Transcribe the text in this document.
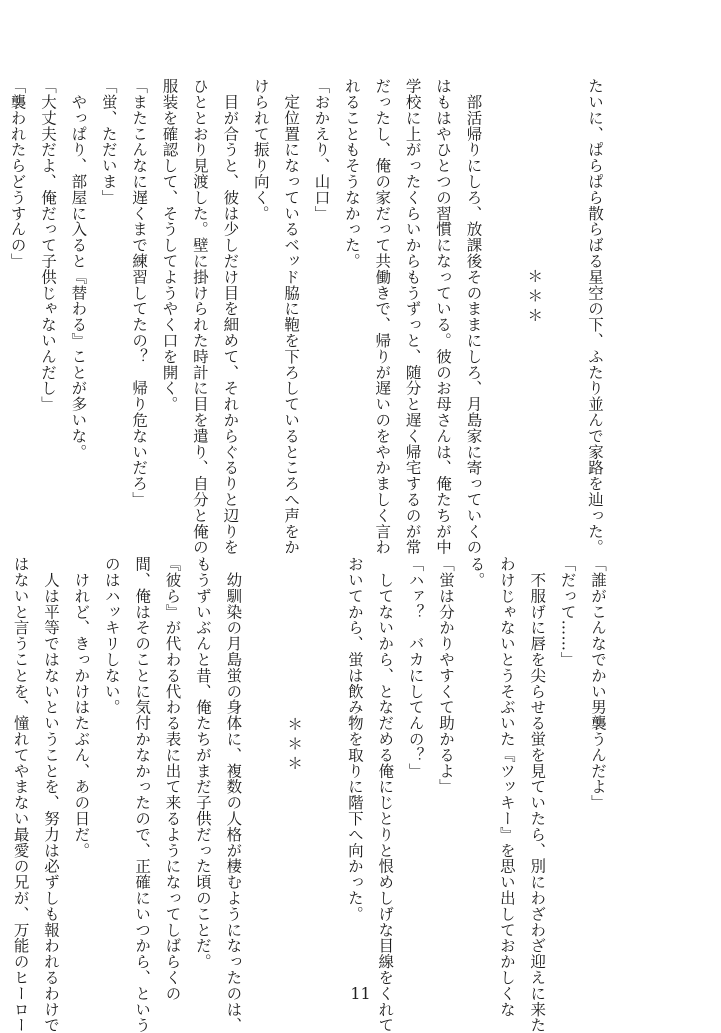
たいに、ぱらぱら散らばる星空の下、ふたり並んで家路を辿った。
＊＊＊
　部活帰りにしろ、放課後そのままにしろ、月島家に寄っていくの
はもはやひとつの習慣になっている。彼のお母さんは、俺たちが中
学校に上がったくらいからもうずっと、随分と遅く帰宅するのが常
だったし、俺の家だって共働きで、帰りが遅いのをやかましく言わ
れることもそうなかった。
「おかえり、山口」
　定位置になっているベッド脇に鞄を下ろしているところへ声をか
けられて振り向く。
　目が合うと、彼は少しだけ目を細めて、それからぐるりと辺りを
ひととおり見渡した。壁に掛けられた時計に目を遣り、自分と俺の
服装を確認して、そうしてようやく口を開く。
「またこんなに遅くまで練習してたの？　帰り危ないだろ」
「蛍、ただいま」
　やっぱり、部屋に入ると『替わる』ことが多いな。
「大丈夫だよ、俺だって子供じゃないんだし」
「襲われたらどうすんの」
「誰がこんなでかい男襲うんだよ」
「だって……」
　不服げに唇を尖らせる蛍を見ていたら、別にわざわざ迎えに来た
わけじゃないとうそぶいた『ツッキー』を思い出しておかしくな
る。
「蛍は分かりやすくて助かるよ」
「ハァ？　バカにしてんの？」
　してないから、となだめる俺にじとりと恨めしげな目線をくれて
おいてから、蛍は飲み物を取りに階下へ向かった。
＊＊＊
　幼馴染の月島蛍の身体に、複数の人格が棲むようになったのは、
もうずいぶんと昔、俺たちがまだ子供だった頃のことだ。
『彼ら』が代わる代わる表に出て来るようになってしばらくの
間、俺はそのことに気付かなかったので、正確にいつから、という
のはハッキリしない。
　けれど、きっかけはたぶん、あの日だ。
　人は平等ではないということを、努力は必ずしも報われるわけで
はないと言うことを、憧れてやまない最愛の兄が、万能のヒーロー	11
